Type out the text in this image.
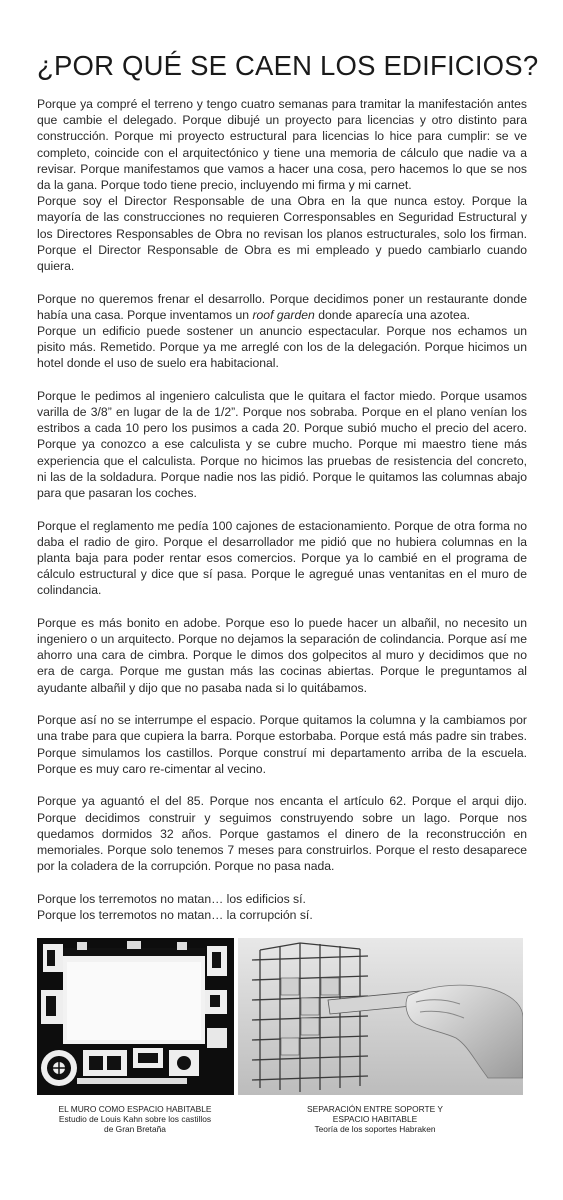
¿POR QUÉ SE CAEN LOS EDIFICIOS?

Porque ya compré el terreno y tengo cuatro semanas para tramitar la manifestación antes que cambie el delegado. Porque dibujé un proyecto para licencias y otro distinto para construcción. Porque mi proyecto estructural para licencias lo hice para cumplir: se ve completo, coincide con el arquitectónico y tiene una memoria de cálculo que nadie va a revisar. Porque manifestamos que vamos a hacer una cosa, pero hacemos lo que se nos da la gana. Porque todo tiene precio, incluyendo mi firma y mi carnet.
Porque soy el Director Responsable de una Obra en la que nunca estoy. Porque la mayoría de las construcciones no requieren Corresponsables en Seguridad Estructural y los Directores Responsables de Obra no revisan los planos estructurales, solo los firman. Porque el Director Responsable de Obra es mi empleado y puedo cambiarlo cuando quiera.

Porque no queremos frenar el desarrollo. Porque decidimos poner un restaurante donde había una casa. Porque inventamos un roof garden donde aparecía una azotea.
Porque un edificio puede sostener un anuncio espectacular. Porque nos echamos un pisito más. Remetido. Porque ya me arreglé con los de la delegación. Porque hicimos un hotel donde el uso de suelo era habitacional.

Porque le pedimos al ingeniero calculista que le quitara el factor miedo. Porque usamos varilla de 3/8” en lugar de la de 1/2”. Porque nos sobraba. Porque en el plano venían los estribos a cada 10 pero los pusimos a cada 20. Porque subió mucho el precio del acero. Porque ya conozco a ese calculista y se cubre mucho. Porque mi maestro tiene más experiencia que el calculista. Porque no hicimos las pruebas de resistencia del concreto, ni las de la soldadura. Porque nadie nos las pidió. Porque le quitamos las columnas abajo para que pasaran los coches.

Porque el reglamento me pedía 100 cajones de estacionamiento. Porque de otra forma no daba el radio de giro. Porque el desarrollador me pidió que no hubiera columnas en la planta baja para poder rentar esos comercios. Porque ya lo cambié en el programa de cálculo estructural y dice que sí pasa. Porque le agregué unas ventanitas en el muro de colindancia.

Porque es más bonito en adobe. Porque eso lo puede hacer un albañil, no necesito un ingeniero o un arquitecto. Porque no dejamos la separación de colindancia. Porque así me ahorro una cara de cimbra. Porque le dimos dos golpecitos al muro y decidimos que no era de carga. Porque me gustan más las cocinas abiertas. Porque le preguntamos al ayudante albañil y dijo que no pasaba nada si lo quitábamos.

Porque así no se interrumpe el espacio. Porque quitamos la columna y la cambiamos por una trabe para que cupiera la barra. Porque estorbaba. Porque está más padre sin trabes. Porque simulamos los castillos. Porque construí mi departamento arriba de la escuela. Porque es muy caro re-cimentar al vecino.

Porque ya aguantó el del 85. Porque nos encanta el artículo 62. Porque el arqui dijo. Porque decidimos construir y seguimos construyendo sobre un lago. Porque nos quedamos dormidos 32 años. Porque gastamos el dinero de la reconstrucción en memoriales. Porque solo tenemos 7 meses para construirlos. Porque el resto desaparece por la coladera de la corrupción. Porque no pasa nada.

Porque los terremotos no matan… los edificios sí.
Porque los terremotos no matan… la corrupción sí.

EL MURO COMO ESPACIO HABITABLE
Estudio de Louis Kahn sobre los castillos
de Gran Bretaña
SEPARACIÓN ENTRE SOPORTE Y
ESPACIO HABITABLE
Teoría de los soportes Habraken
